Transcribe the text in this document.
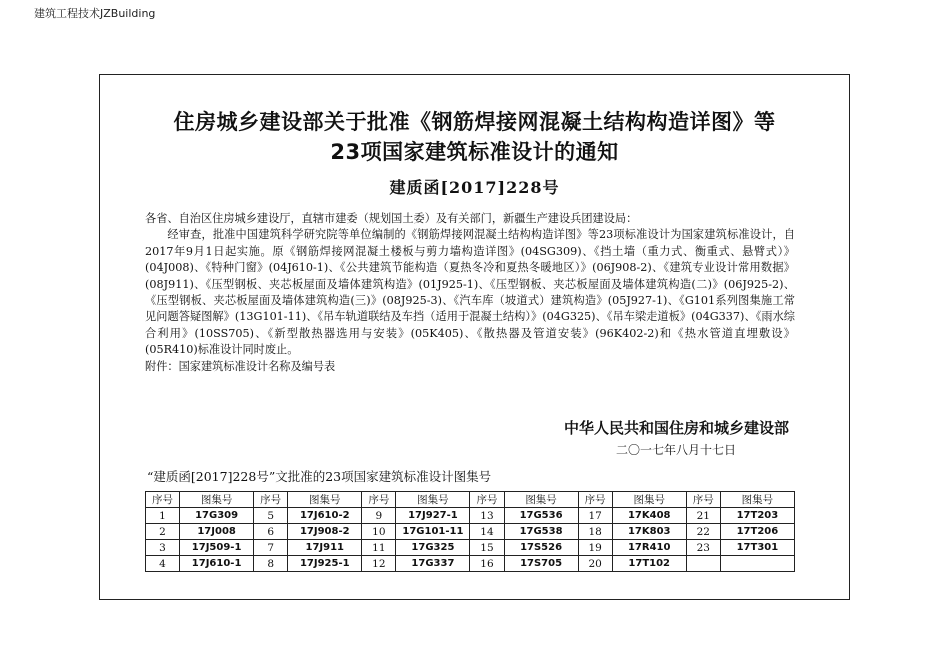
建筑工程技术JZBuilding
住房城乡建设部关于批准《钢筋焊接网混凝土结构构造详图》等
23项国家建筑标准设计的通知
建质函[2017]228号

各省、自治区住房城乡建设厅，直辖市建委（规划国土委）及有关部门，新疆生产建设兵团建设局：

经审查，批准中国建筑科学研究院等单位编制的《钢筋焊接网混凝土结构构造详图》等23项标准设计为国家建筑标准设计，自2017年9月1日起实施。原《钢筋焊接网混凝土楼板与剪力墙构造详图》(04SG309)、《挡土墙（重力式、衡重式、悬臂式）》(04J008)、《特种门窗》(04J610-1)、《公共建筑节能构造（夏热冬冷和夏热冬暖地区）》(06J908-2)、《建筑专业设计常用数据》(08J911)、《压型钢板、夹芯板屋面及墙体建筑构造》(01J925-1)、《压型钢板、夹芯板屋面及墙体建筑构造(二)》(06J925-2)、《压型钢板、夹芯板屋面及墙体建筑构造(三)》(08J925-3)、《汽车库（坡道式）建筑构造》(05J927-1)、《G101系列图集施工常见问题答疑图解》(13G101-11)、《吊车轨道联结及车挡（适用于混凝土结构）》(04G325)、《吊车梁走道板》(04G337)、《雨水综合利用》(10SS705)、《新型散热器选用与安装》(05K405)、《散热器及管道安装》(96K402-2)和《热水管道直埋敷设》(05R410)标准设计同时废止。

附件：国家建筑标准设计名称及编号表

中华人民共和国住房和城乡建设部
二〇一七年八月十七日
“建质函[2017]228号”文批准的23项国家建筑标准设计图集号
序号	图集号	序号	图集号	序号	图集号	序号	图集号	序号	图集号	序号	图集号
1	17G309	5	17J610-2	9	17J927-1	13	17G536	17	17K408	21	17T203
2	17J008	6	17J908-2	10	17G101-11	14	17G538	18	17K803	22	17T206
3	17J509-1	7	17J911	11	17G325	15	17S526	19	17R410	23	17T301
4	17J610-1	8	17J925-1	12	17G337	16	17S705	20	17T102		
